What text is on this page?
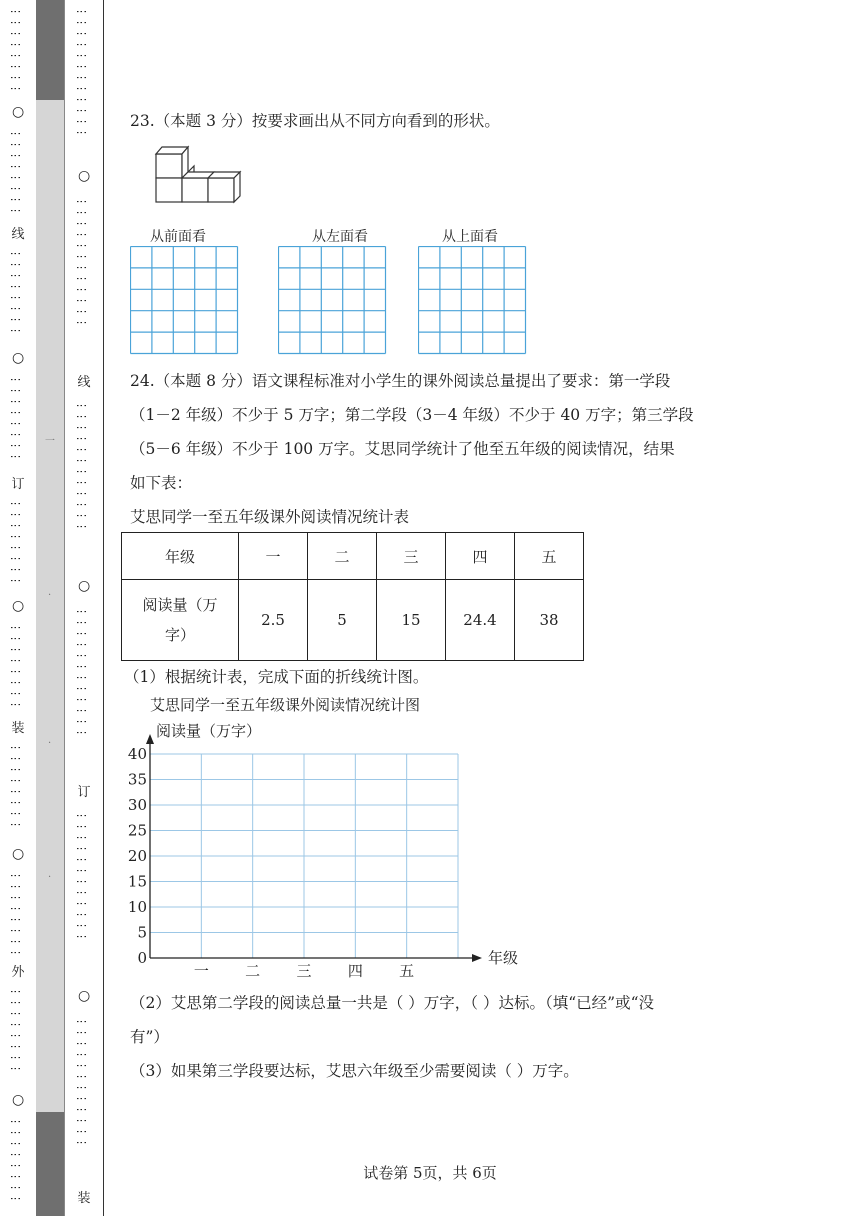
⋮⋮⋮⋮⋮⋮⋮⋮
○
⋮⋮⋮⋮⋮⋮⋮⋮
线
⋮⋮⋮⋮⋮⋮⋮⋮
○
⋮⋮⋮⋮⋮⋮⋮⋮
订
⋮⋮⋮⋮⋮⋮⋮⋮
○
⋮⋮⋮⋮⋮⋮⋮⋮
装
⋮⋮⋮⋮⋮⋮⋮⋮
○
⋮⋮⋮⋮⋮⋮⋮⋮
外
⋮⋮⋮⋮⋮⋮⋮⋮
○
⋮⋮⋮⋮⋮⋮⋮⋮
一
·
·
·
⋮⋮⋮⋮⋮⋮⋮⋮⋮⋮⋮⋮
○
⋮⋮⋮⋮⋮⋮⋮⋮⋮⋮⋮⋮
线
⋮⋮⋮⋮⋮⋮⋮⋮⋮⋮⋮⋮
○
⋮⋮⋮⋮⋮⋮⋮⋮⋮⋮⋮⋮
订
⋮⋮⋮⋮⋮⋮⋮⋮⋮⋮⋮⋮
○
⋮⋮⋮⋮⋮⋮⋮⋮⋮⋮⋮⋮
装
23.（本题 3 分）按要求画出从不同方向看到的形状。
从前面看	从左面看	从上面看
24.（本题 8 分）语文课程标准对小学生的课外阅读总量提出了要求：第一学段
（1－2 年级）不少于 5 万字；第二学段（3－4 年级）不少于 40 万字；第三学段
（5－6 年级）不少于 100 万字。艾思同学统计了他至五年级的阅读情况，结果
如下表：
艾思同学一至五年级课外阅读情况统计表
年级	一	二	三	四	五
阅读量（万
字）	2.5	5	15	24.4	38
（1）根据统计表，完成下面的折线统计图。
艾思同学一至五年级课外阅读情况统计图
阅读量（万字）
0
5
10
15
20
25
30
35
40
一 二 三 四 五
年级
（2）艾思第二学段的阅读总量一共是（ ）万字，（ ）达标。（填“已经”或“没
有”）
（3）如果第三学段要达标，艾思六年级至少需要阅读（ ）万字。
试卷第 5页，共 6页
